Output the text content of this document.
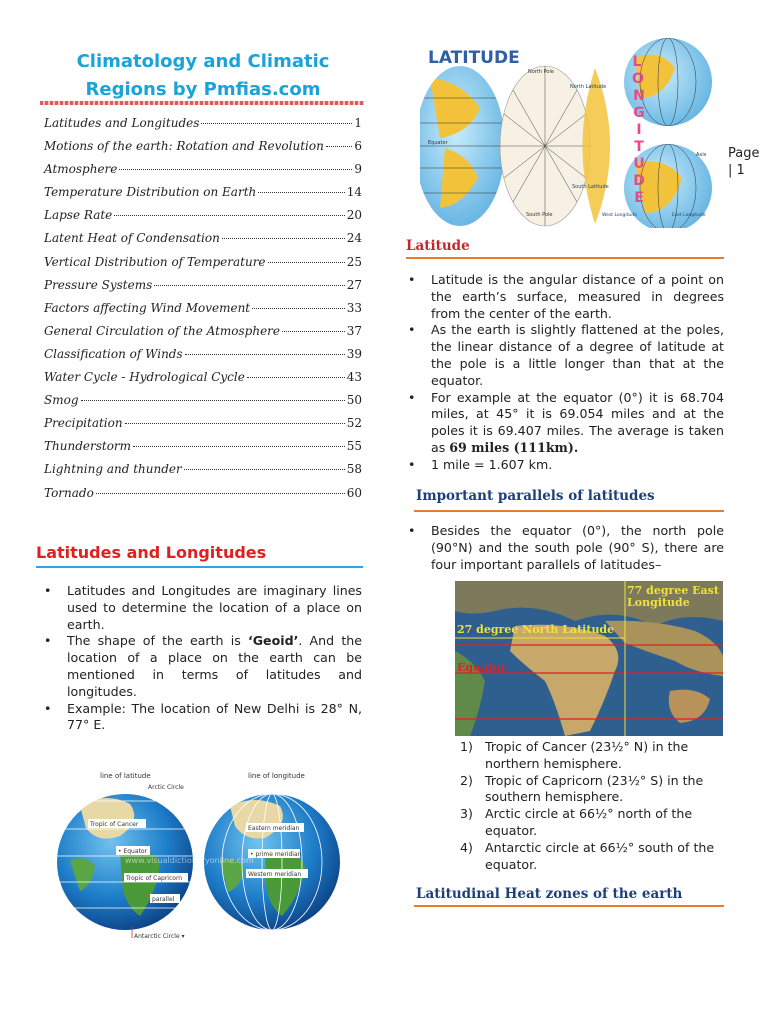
Climatology and Climatic
Regions by Pmfias.com
Latitudes and Longitudes	1
Motions of the earth: Rotation and Revolution	6
Atmosphere	9
Temperature Distribution on Earth	14
Lapse Rate	20
Latent Heat of Condensation	24
Vertical Distribution of Temperature	25
Pressure Systems	27
Factors affecting Wind Movement	33
General Circulation of the Atmosphere	37
Classification of Winds	39
Water Cycle - Hydrological Cycle	43
Smog	50
Precipitation	52
Thunderstorm	55
Lightning and thunder	58
Tornado	60
Latitudes and Longitudes
• Latitudes and Longitudes are imaginary lines used to determine the location of a place on earth.
• The shape of the earth is ‘Geoid’. And the location of a place on the earth can be mentioned in terms of latitudes and longitudes.
• Example: The location of New Delhi is 28° N, 77° E.
line of latitude	line of longitude
Arctic Circle
Tropic of Cancer
• Equator
Tropic of Capricorn
parallel
Antarctic Circle ▾
Eastern meridian
• prime meridian
Western meridian
www.visualdictionaryonline.com
LATITUDE
Equator
North Pole
South Pole
North Latitude
South Latitude
L
O
N
G
I
T
U
D
E
West Longitude	East Longitude
Axis Page
| 1
Latitude
• Latitude is the angular distance of a point on the earth’s surface, measured in degrees from the center of the earth.
• As the earth is slightly flattened at the poles, the linear distance of a degree of latitude at the pole is a little longer than that at the equator.
• For example at the equator (0°) it is 68.704 miles, at 45° it is 69.054 miles and at the poles it is 69.407 miles. The average is taken as 69 miles (111km).
• 1 mile = 1.607 km.
Important parallels of latitudes
• Besides the equator (0°), the north pole (90°N) and the south pole (90° S), there are four important parallels of latitudes–
77 degree East Longitude
27 degree North Latitude
Equator
1) Tropic of Cancer (23½° N) in the northern hemisphere.
2) Tropic of Capricorn (23½° S) in the southern hemisphere.
3) Arctic circle at 66½° north of the equator.
4) Antarctic circle at 66½° south of the equator.
Latitudinal Heat zones of the earth
